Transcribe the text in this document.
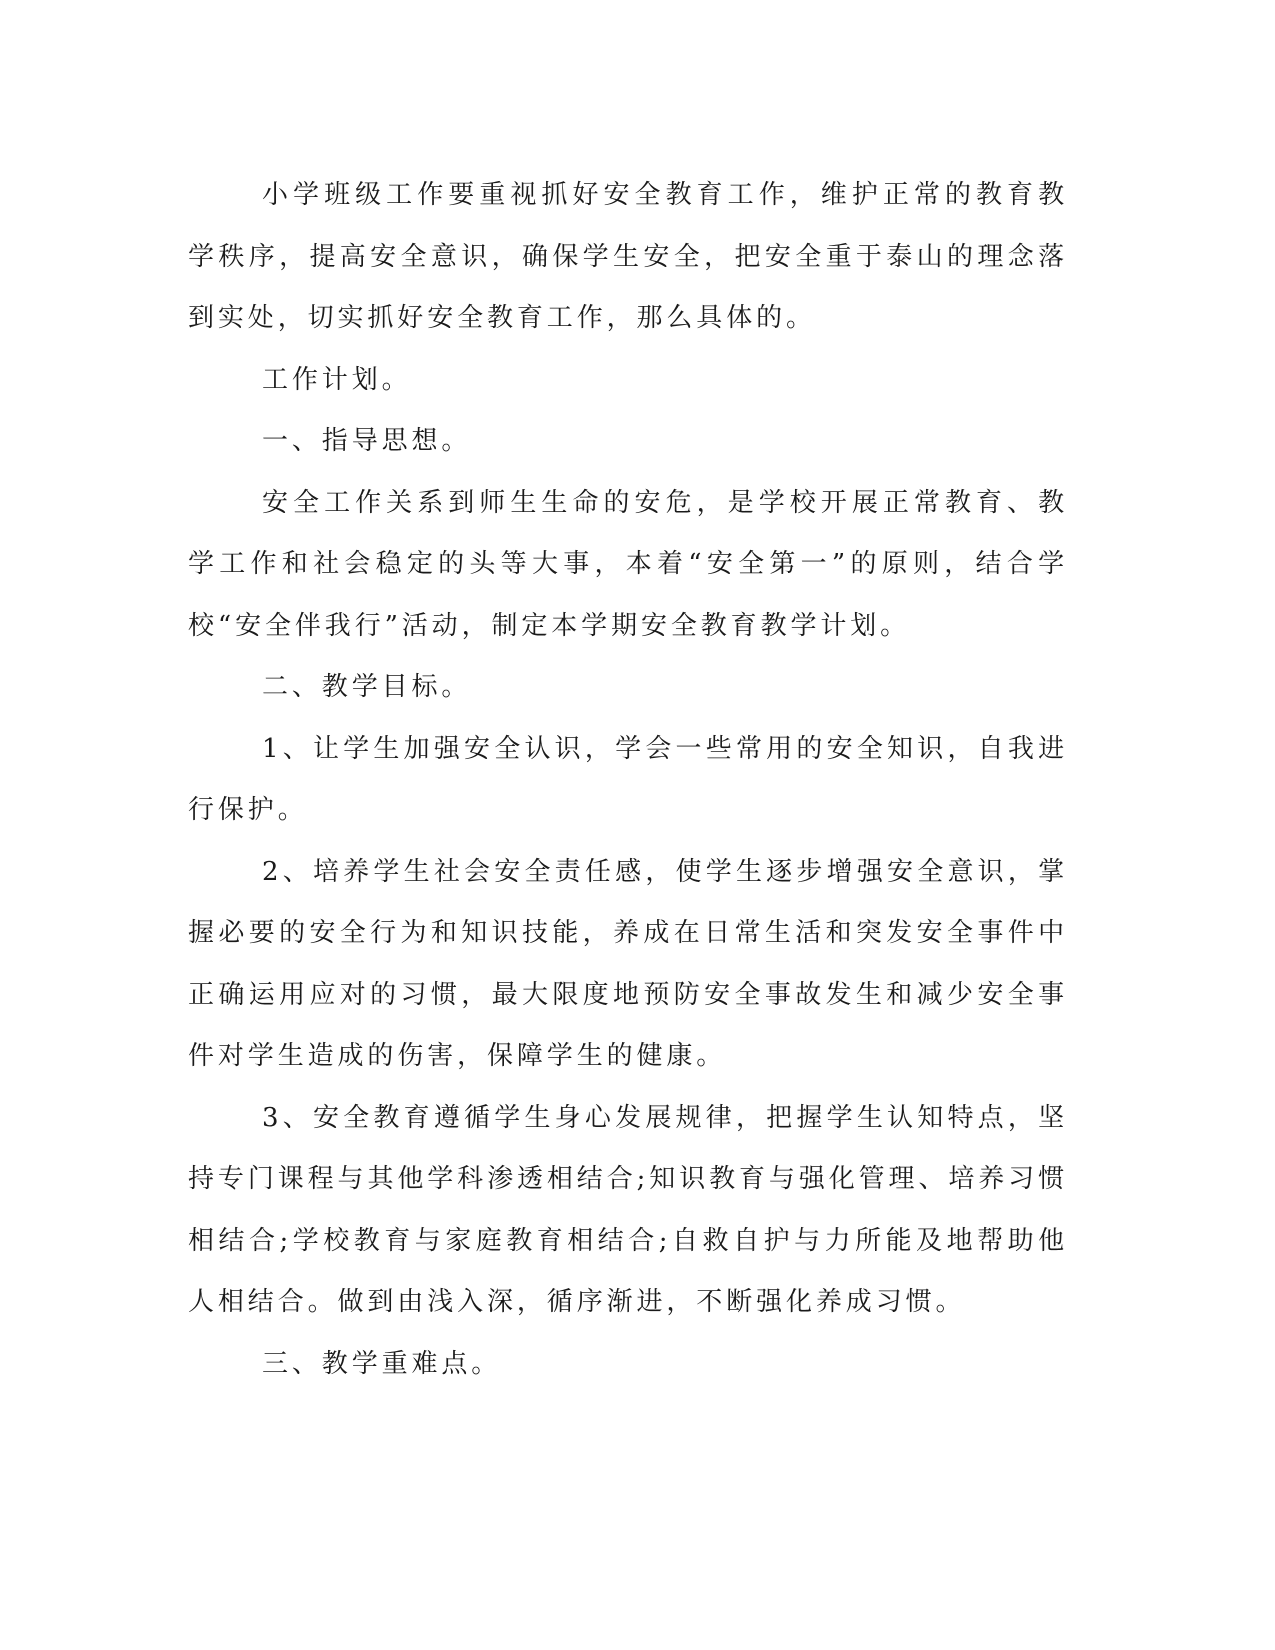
小学班级工作要重视抓好安全教育工作，维护正常的教育教学秩序，提高安全意识，确保学生安全，把安全重于泰山的理念落到实处，切实抓好安全教育工作，那么具体的。

工作计划。

一、指导思想。

安全工作关系到师生生命的安危，是学校开展正常教育、教学工作和社会稳定的头等大事，本着“安全第一”的原则，结合学校“安全伴我行”活动，制定本学期安全教育教学计划。

二、教学目标。

1、让学生加强安全认识，学会一些常用的安全知识，自我进行保护。

2、培养学生社会安全责任感，使学生逐步增强安全意识，掌握必要的安全行为和知识技能，养成在日常生活和突发安全事件中正确运用应对的习惯，最大限度地预防安全事故发生和减少安全事件对学生造成的伤害，保障学生的健康。

3、安全教育遵循学生身心发展规律，把握学生认知特点，坚持专门课程与其他学科渗透相结合;知识教育与强化管理、培养习惯相结合;学校教育与家庭教育相结合;自救自护与力所能及地帮助他人相结合。做到由浅入深，循序渐进，不断强化养成习惯。

三、教学重难点。
